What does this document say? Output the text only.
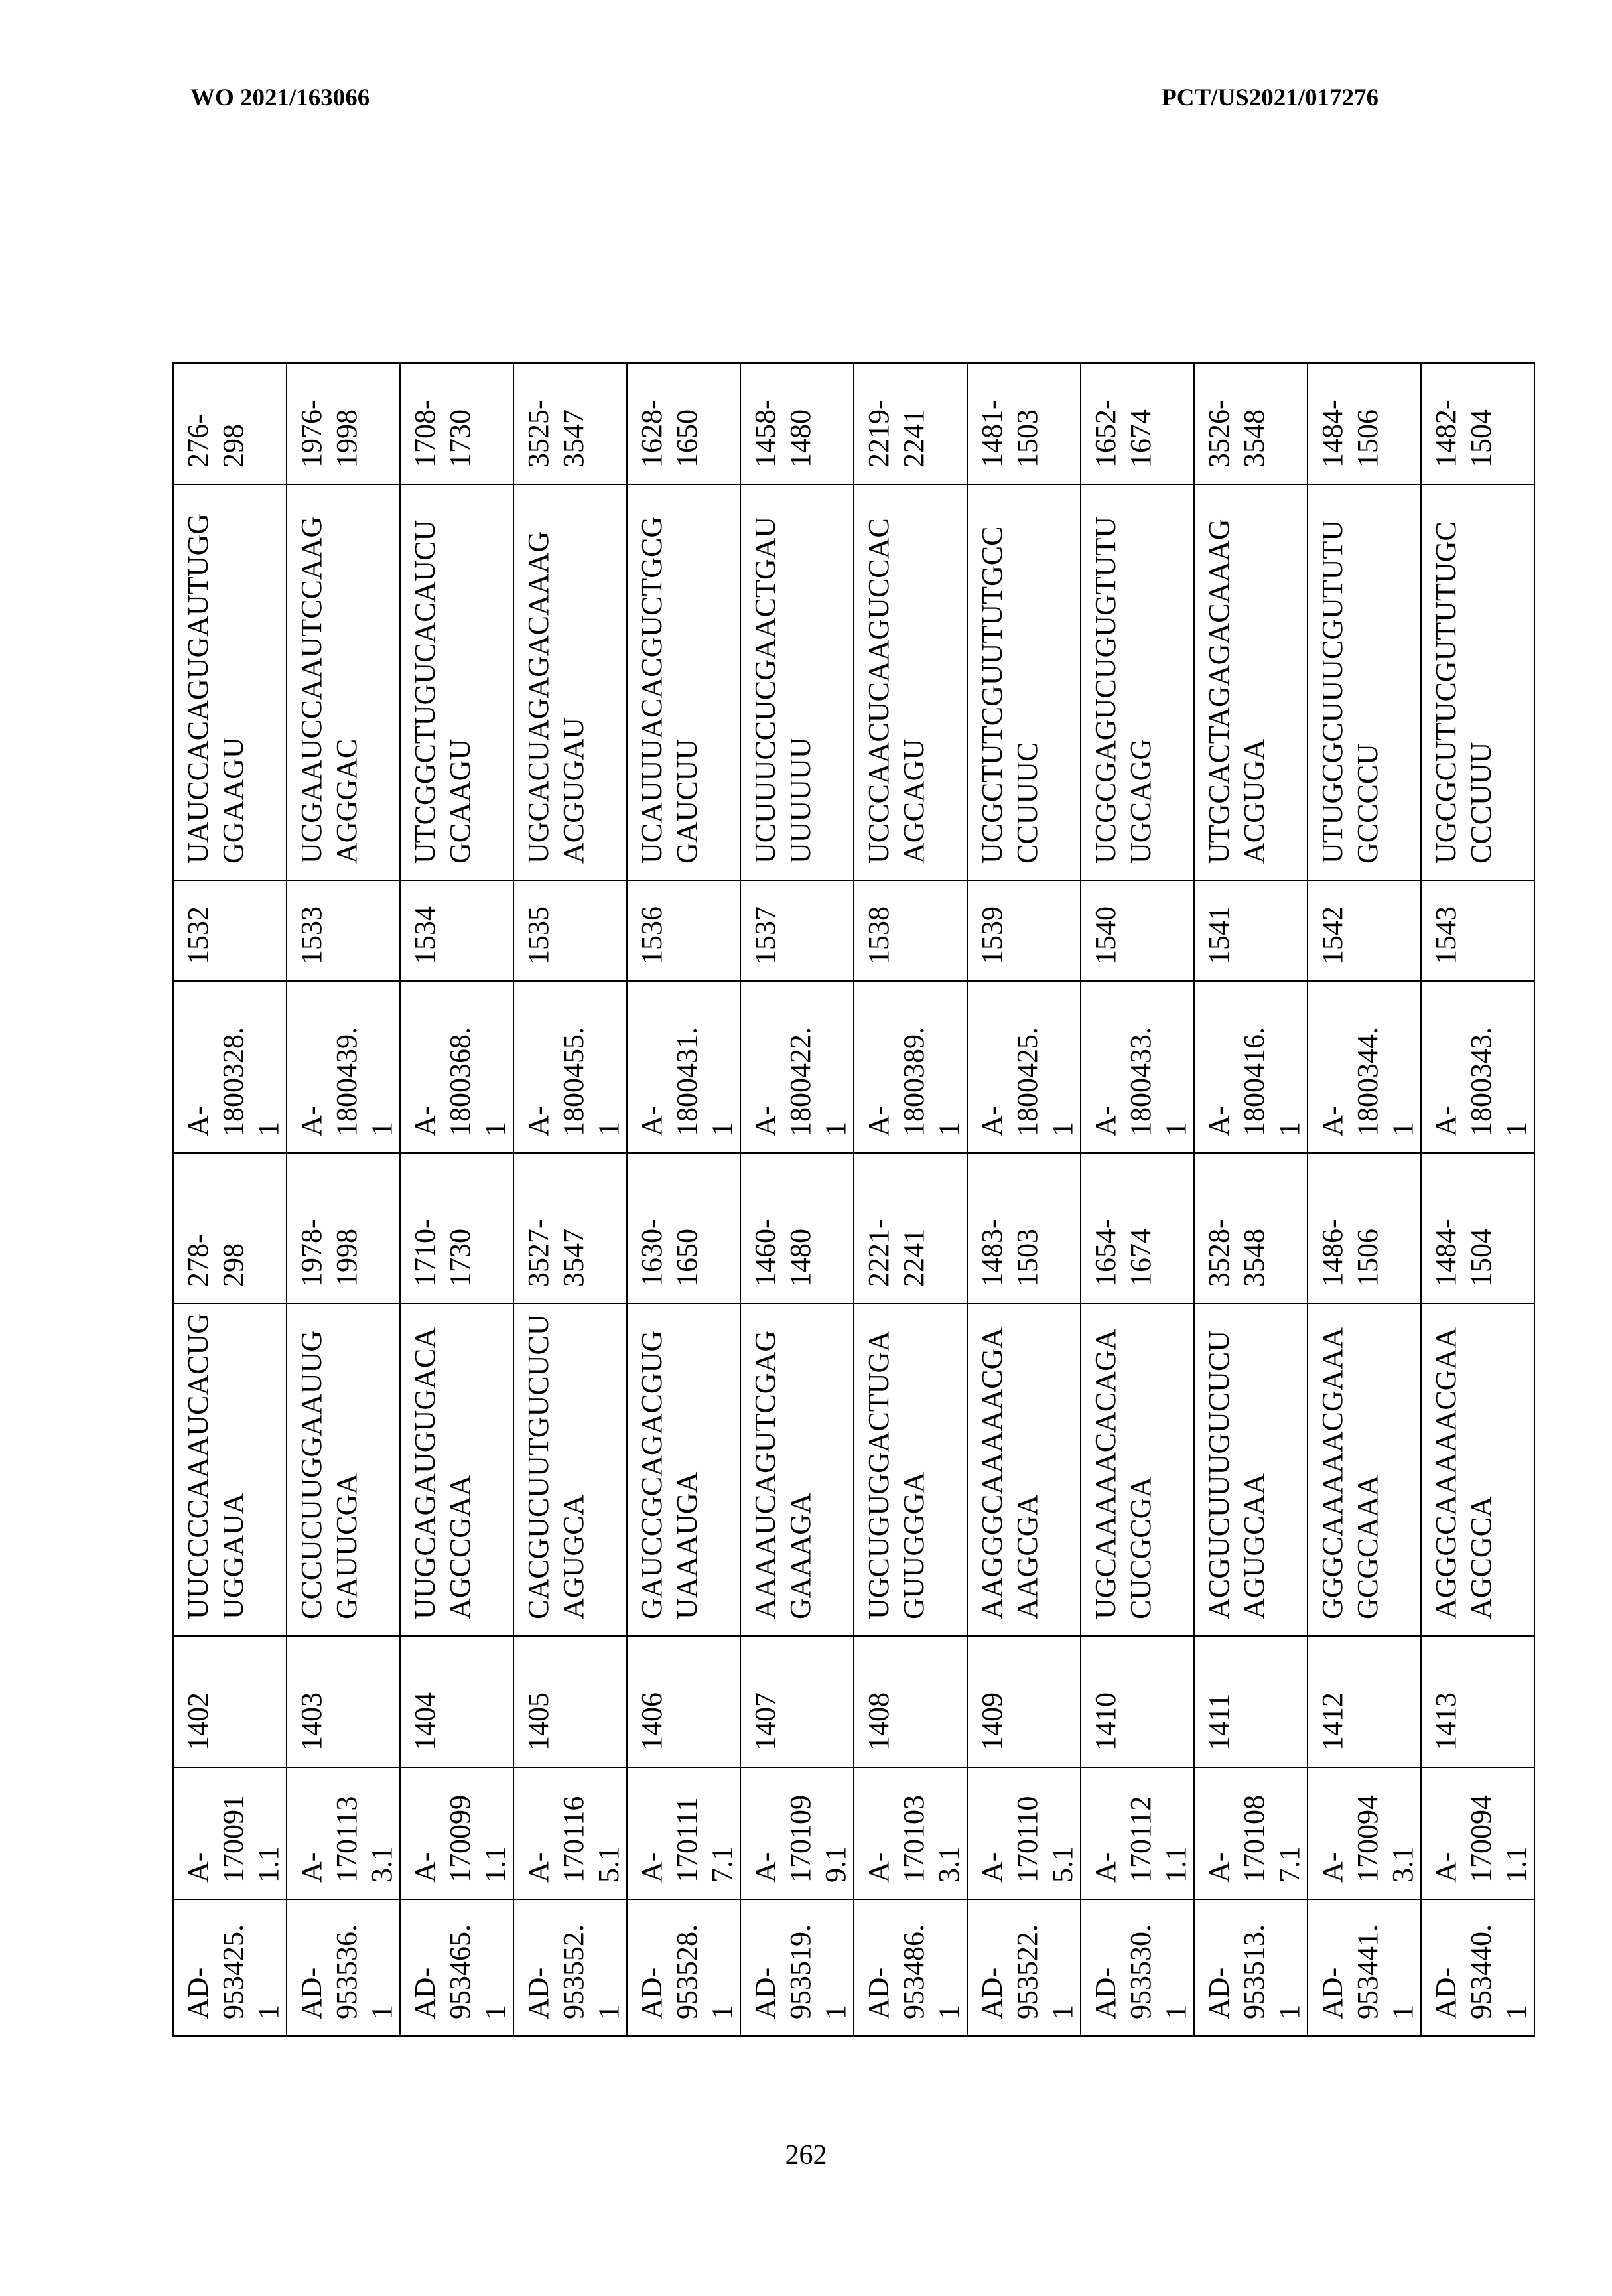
WO 2021/163066	PCT/US2021/017276
AD-953425.1

A-1700911.1

1402

UUCCCCAAAUCACUGUGGAUA

278-298

A-1800328.1

1532

UAUCCACAGUGAUTUGGGGAAGU

276-298

AD-953536.1

A-1701133.1

1403

CCCUCUUGGAAUUGGAUUCGA

1978-1998

A-1800439.1

1533

UCGAAUCCAAUTCCAAGAGGGAC

1976-1998

AD-953465.1

A-1700991.1

1404

UUGCAGAUGUGACAAGCCGAA

1710-1730

A-1800368.1

1534

UTCGGCTUGUCACAUCUGCAAGU

1708-1730

AD-953552.1

A-1701165.1

1405

CACGUCUUTGUCUCUAGUGCA

3527-3547

A-1800455.1

1535

UGCACUAGAGACAAAGACGUGAU

3525-3547

AD-953528.1

A-1701117.1

1406

GAUCCGCAGACGUGUAAAUGA

1630-1650

A-1800431.1

1536

UCAUUUACACGUCTGCGGAUCUU

1628-1650

AD-953519.1

A-1701099.1

1407

AAAAUCAGUTCGAGGAAAGA

1460-1480

A-1800422.1

1537

UCUUUCCUCGAACTGAUUUUUUU

1458-1480

AD-953486.1

A-1701033.1

1408

UGCUGUGGACTUGAGUUGGGA

2221-2241

A-1800389.1

1538

UCCCAACUCAAGUCCACAGCAGU

2219-2241

AD-953522.1

A-1701105.1

1409

AAGGGCAAAAACGAAAGCGA

1483-1503

A-1800425.1

1539

UCGCTUTCGUUTUTGCCCCUUUC

1481-1503

AD-953530.1

A-1701121.1

1410

UGCAAAAACACAGACUCGCGA

1654-1674

A-1800433.1

1540

UCGCGAGUCUGUGTUTUUGCAGG

1652-1674

AD-953513.1

A-1701087.1

1411

ACGUCUUUGUCUCUAGUGCAA

3528-3548

A-1800416.1

1541

UTGCACTAGAGACAAAGACGUGA

3526-3548

AD-953441.1

A-1700943.1

1412

GGGCAAAAACGAAAGCGCAAA

1486-1506

A-1800344.1

1542

UTUGCGCUUUCGUTUTUGCCCCU

1484-1506

AD-953440.1

A-1700941.1

1413

AGGGCAAAAACGAAAGCGCA

1484-1504

A-1800343.1

1543

UGCGCUTUCGUTUTUGCCCCUUU

1482-1504
262
